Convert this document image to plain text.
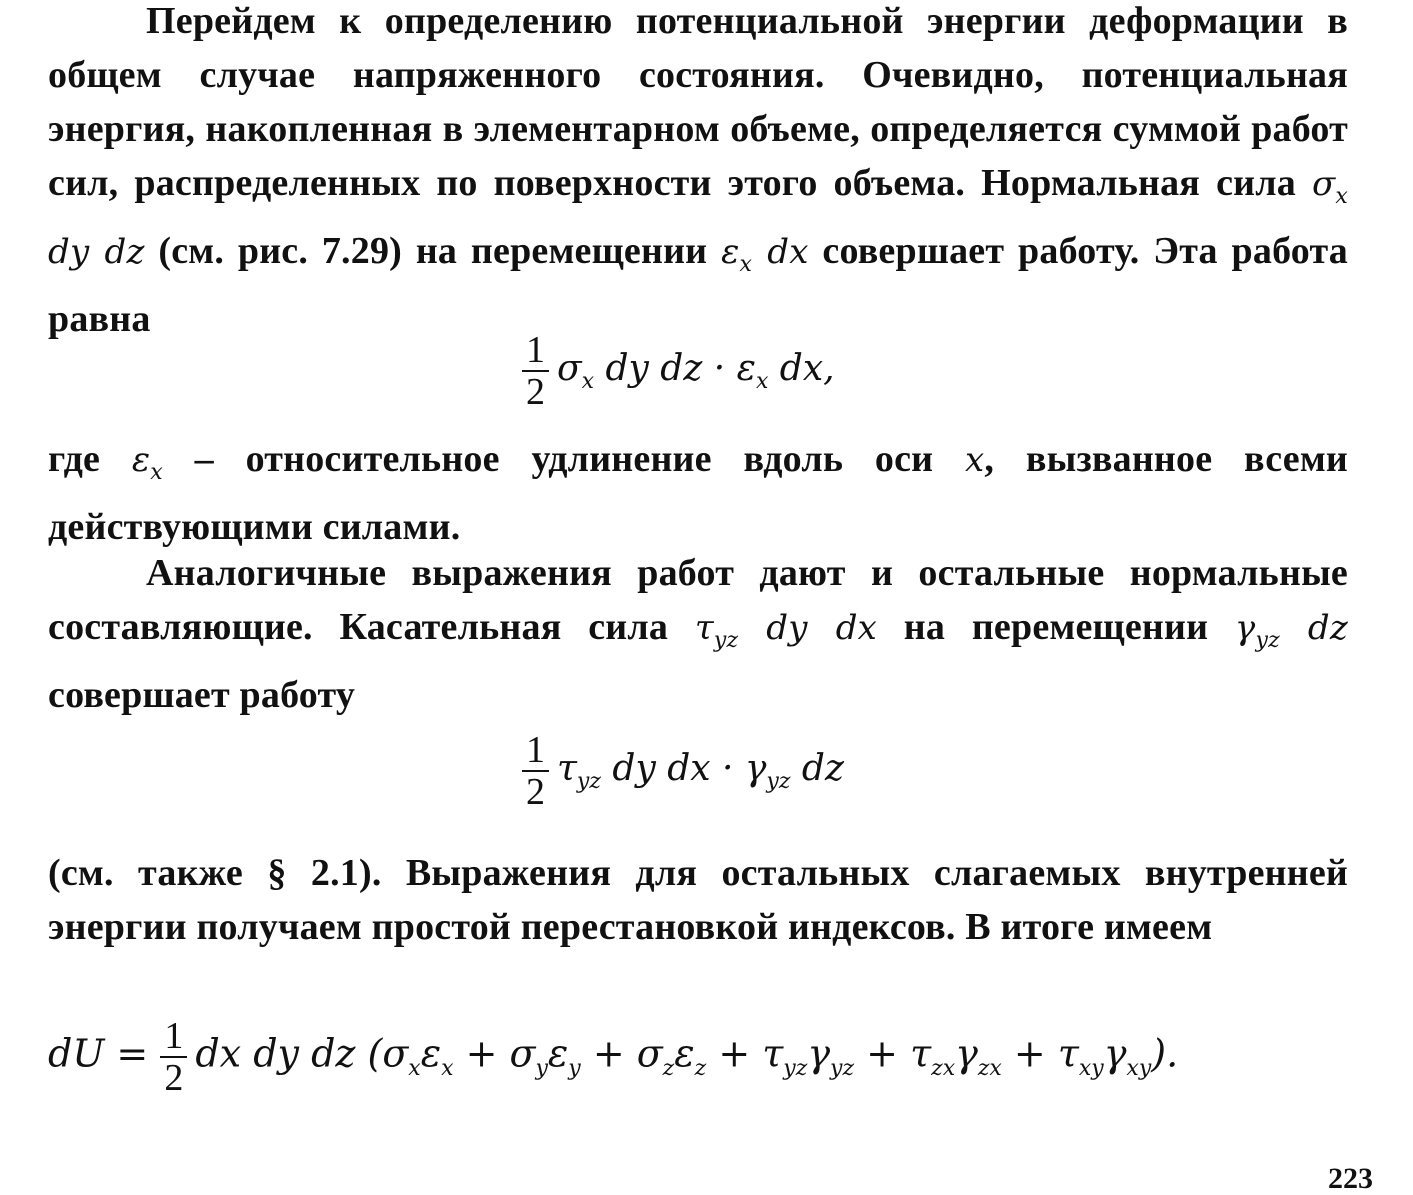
Перейдем к определению потенциальной энергии деформации в общем случае напряженного состояния. Очевидно, потенциальная энергия, накопленная в элементарном объеме, определяется суммой работ сил, распределенных по поверхности этого объема. Нормальная сила $\sigma_x$ dy dz (см. рис. 7.29) на перемещении $\varepsilon_x$ dx совершает работу. Эта работа равна

$\frac{1}{2} \sigma_x$ dy dz · $\varepsilon_x$ dx,

где $\varepsilon_x$ – относительное удлинение вдоль оси x, вызванное всеми действующими силами.

Аналогичные выражения работ дают и остальные нормальные составляющие. Касательная сила $\tau_{yz}$ dy dx на перемещении $\gamma_{yz}$ dz совершает работу

$\frac{1}{2} \tau_{yz}$ dy dx · $\gamma_{yz}$ dz

(см. также § 2.1). Выражения для остальных слагаемых внутренней энергии получаем простой перестановкой индексов. В итоге имеем

dU = $\frac{1}{2}$ dx dy dz $(\sigma_x\varepsilon_x + \sigma_y\varepsilon_y + \sigma_z\varepsilon_z + \tau_{yz}\gamma_{yz} + \tau_{zx}\gamma_{zx} + \tau_{xy}\gamma_{xy})$.
223
